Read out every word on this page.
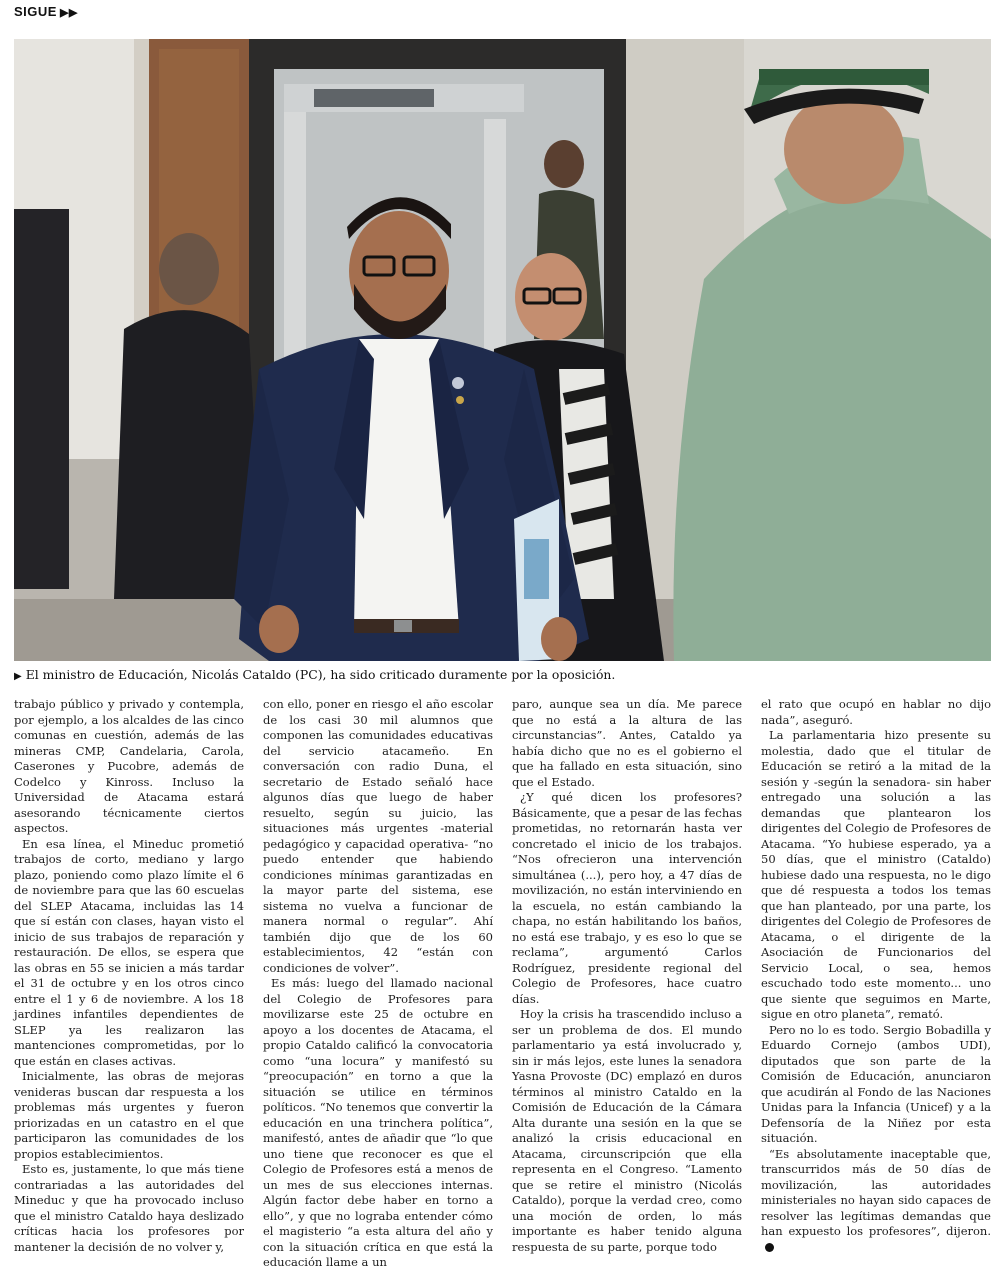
SIGUE ▶▶
▶ El ministro de Educación, Nicolás Cataldo (PC), ha sido criticado duramente por la oposición.

trabajo público y privado y contempla, por ejemplo, a los alcaldes de las cinco comunas en cuestión, además de las mineras CMP, Candelaria, Carola, Caserones y Pucobre, además de Codelco y Kinross. Incluso la Universidad de Atacama estará asesorando técnicamente ciertos aspectos.

En esa línea, el Mineduc prometió trabajos de corto, mediano y largo plazo, poniendo como plazo límite el 6 de noviembre para que las 60 escuelas del SLEP Atacama, incluidas las 14 que sí están con clases, hayan visto el inicio de sus trabajos de reparación y restauración. De ellos, se espera que las obras en 55 se inicien a más tardar el 31 de octubre y en los otros cinco entre el 1 y 6 de noviembre. A los 18 jardines infantiles dependientes de SLEP ya les realizaron las mantenciones comprometidas, por lo que están en clases activas.

Inicialmente, las obras de mejoras venideras buscan dar respuesta a los problemas más urgentes y fueron priorizadas en un catastro en el que participaron las comunidades de los propios establecimientos.

Esto es, justamente, lo que más tiene contrariadas a las autoridades del Mineduc y que ha provocado incluso que el ministro Cataldo haya deslizado críticas hacia los profesores por mantener la decisión de no volver y,

con ello, poner en riesgo el año escolar de los casi 30 mil alumnos que componen las comunidades educativas del servicio atacameño. En conversación con radio Duna, el secretario de Estado señaló hace algunos días que luego de haber resuelto, según su juicio, las situaciones más urgentes -material pedagógico y capacidad operativa- “no puedo entender que habiendo condiciones mínimas garantizadas en la mayor parte del sistema, ese sistema no vuelva a funcionar de manera normal o regular”. Ahí también dijo que de los 60 establecimientos, 42 “están con condiciones de volver”.

Es más: luego del llamado nacional del Colegio de Profesores para movilizarse este 25 de octubre en apoyo a los docentes de Atacama, el propio Cataldo calificó la convocatoria como “una locura” y manifestó su “preocupación” en torno a que la situación se utilice en términos políticos. “No tenemos que convertir la educación en una trinchera política”, manifestó, antes de añadir que “lo que uno tiene que reconocer es que el Colegio de Profesores está a menos de un mes de sus elecciones internas. Algún factor debe haber en torno a ello”, y que no lograba entender cómo el magisterio “a esta altura del año y con la situación crítica en que está la educación llame a un

paro, aunque sea un día. Me parece que no está a la altura de las circunstancias”. Antes, Cataldo ya había dicho que no es el gobierno el que ha fallado en esta situación, sino que el Estado.

¿Y qué dicen los profesores? Básicamente, que a pesar de las fechas prometidas, no retornarán hasta ver concretado el inicio de los trabajos. “Nos ofrecieron una intervención simultánea (...), pero hoy, a 47 días de movilización, no están interviniendo en la escuela, no están cambiando la chapa, no están habilitando los baños, no está ese trabajo, y es eso lo que se reclama”, argumentó Carlos Rodríguez, presidente regional del Colegio de Profesores, hace cuatro días.

Hoy la crisis ha trascendido incluso a ser un problema de dos. El mundo parlamentario ya está involucrado y, sin ir más lejos, este lunes la senadora Yasna Provoste (DC) emplazó en duros términos al ministro Cataldo en la Comisión de Educación de la Cámara Alta durante una sesión en la que se analizó la crisis educacional en Atacama, circunscripción que ella representa en el Congreso. “Lamento que se retire el ministro (Nicolás Cataldo), porque la verdad creo, como una moción de orden, lo más importante es haber tenido alguna respuesta de su parte, porque todo

el rato que ocupó en hablar no dijo nada”, aseguró.

La parlamentaria hizo presente su molestia, dado que el titular de Educación se retiró a la mitad de la sesión y -según la senadora- sin haber entregado una solución a las demandas que plantearon los dirigentes del Colegio de Profesores de Atacama. “Yo hubiese esperado, ya a 50 días, que el ministro (Cataldo) hubiese dado una respuesta, no le digo que dé respuesta a todos los temas que han planteado, por una parte, los dirigentes del Colegio de Profesores de Atacama, o el dirigente de la Asociación de Funcionarios del Servicio Local, o sea, hemos escuchado todo este momento... uno que siente que seguimos en Marte, sigue en otro planeta”, remató.

Pero no lo es todo. Sergio Bobadilla y Eduardo Cornejo (ambos UDI), diputados que son parte de la Comisión de Educación, anunciaron que acudirán al Fondo de las Naciones Unidas para la Infancia (Unicef) y a la Defensoría de la Niñez por esta situación.

“Es absolutamente inaceptable que, transcurridos más de 50 días de movilización, las autoridades ministeriales no hayan sido capaces de resolver las legítimas demandas que han expuesto los profesores”, dijeron.
